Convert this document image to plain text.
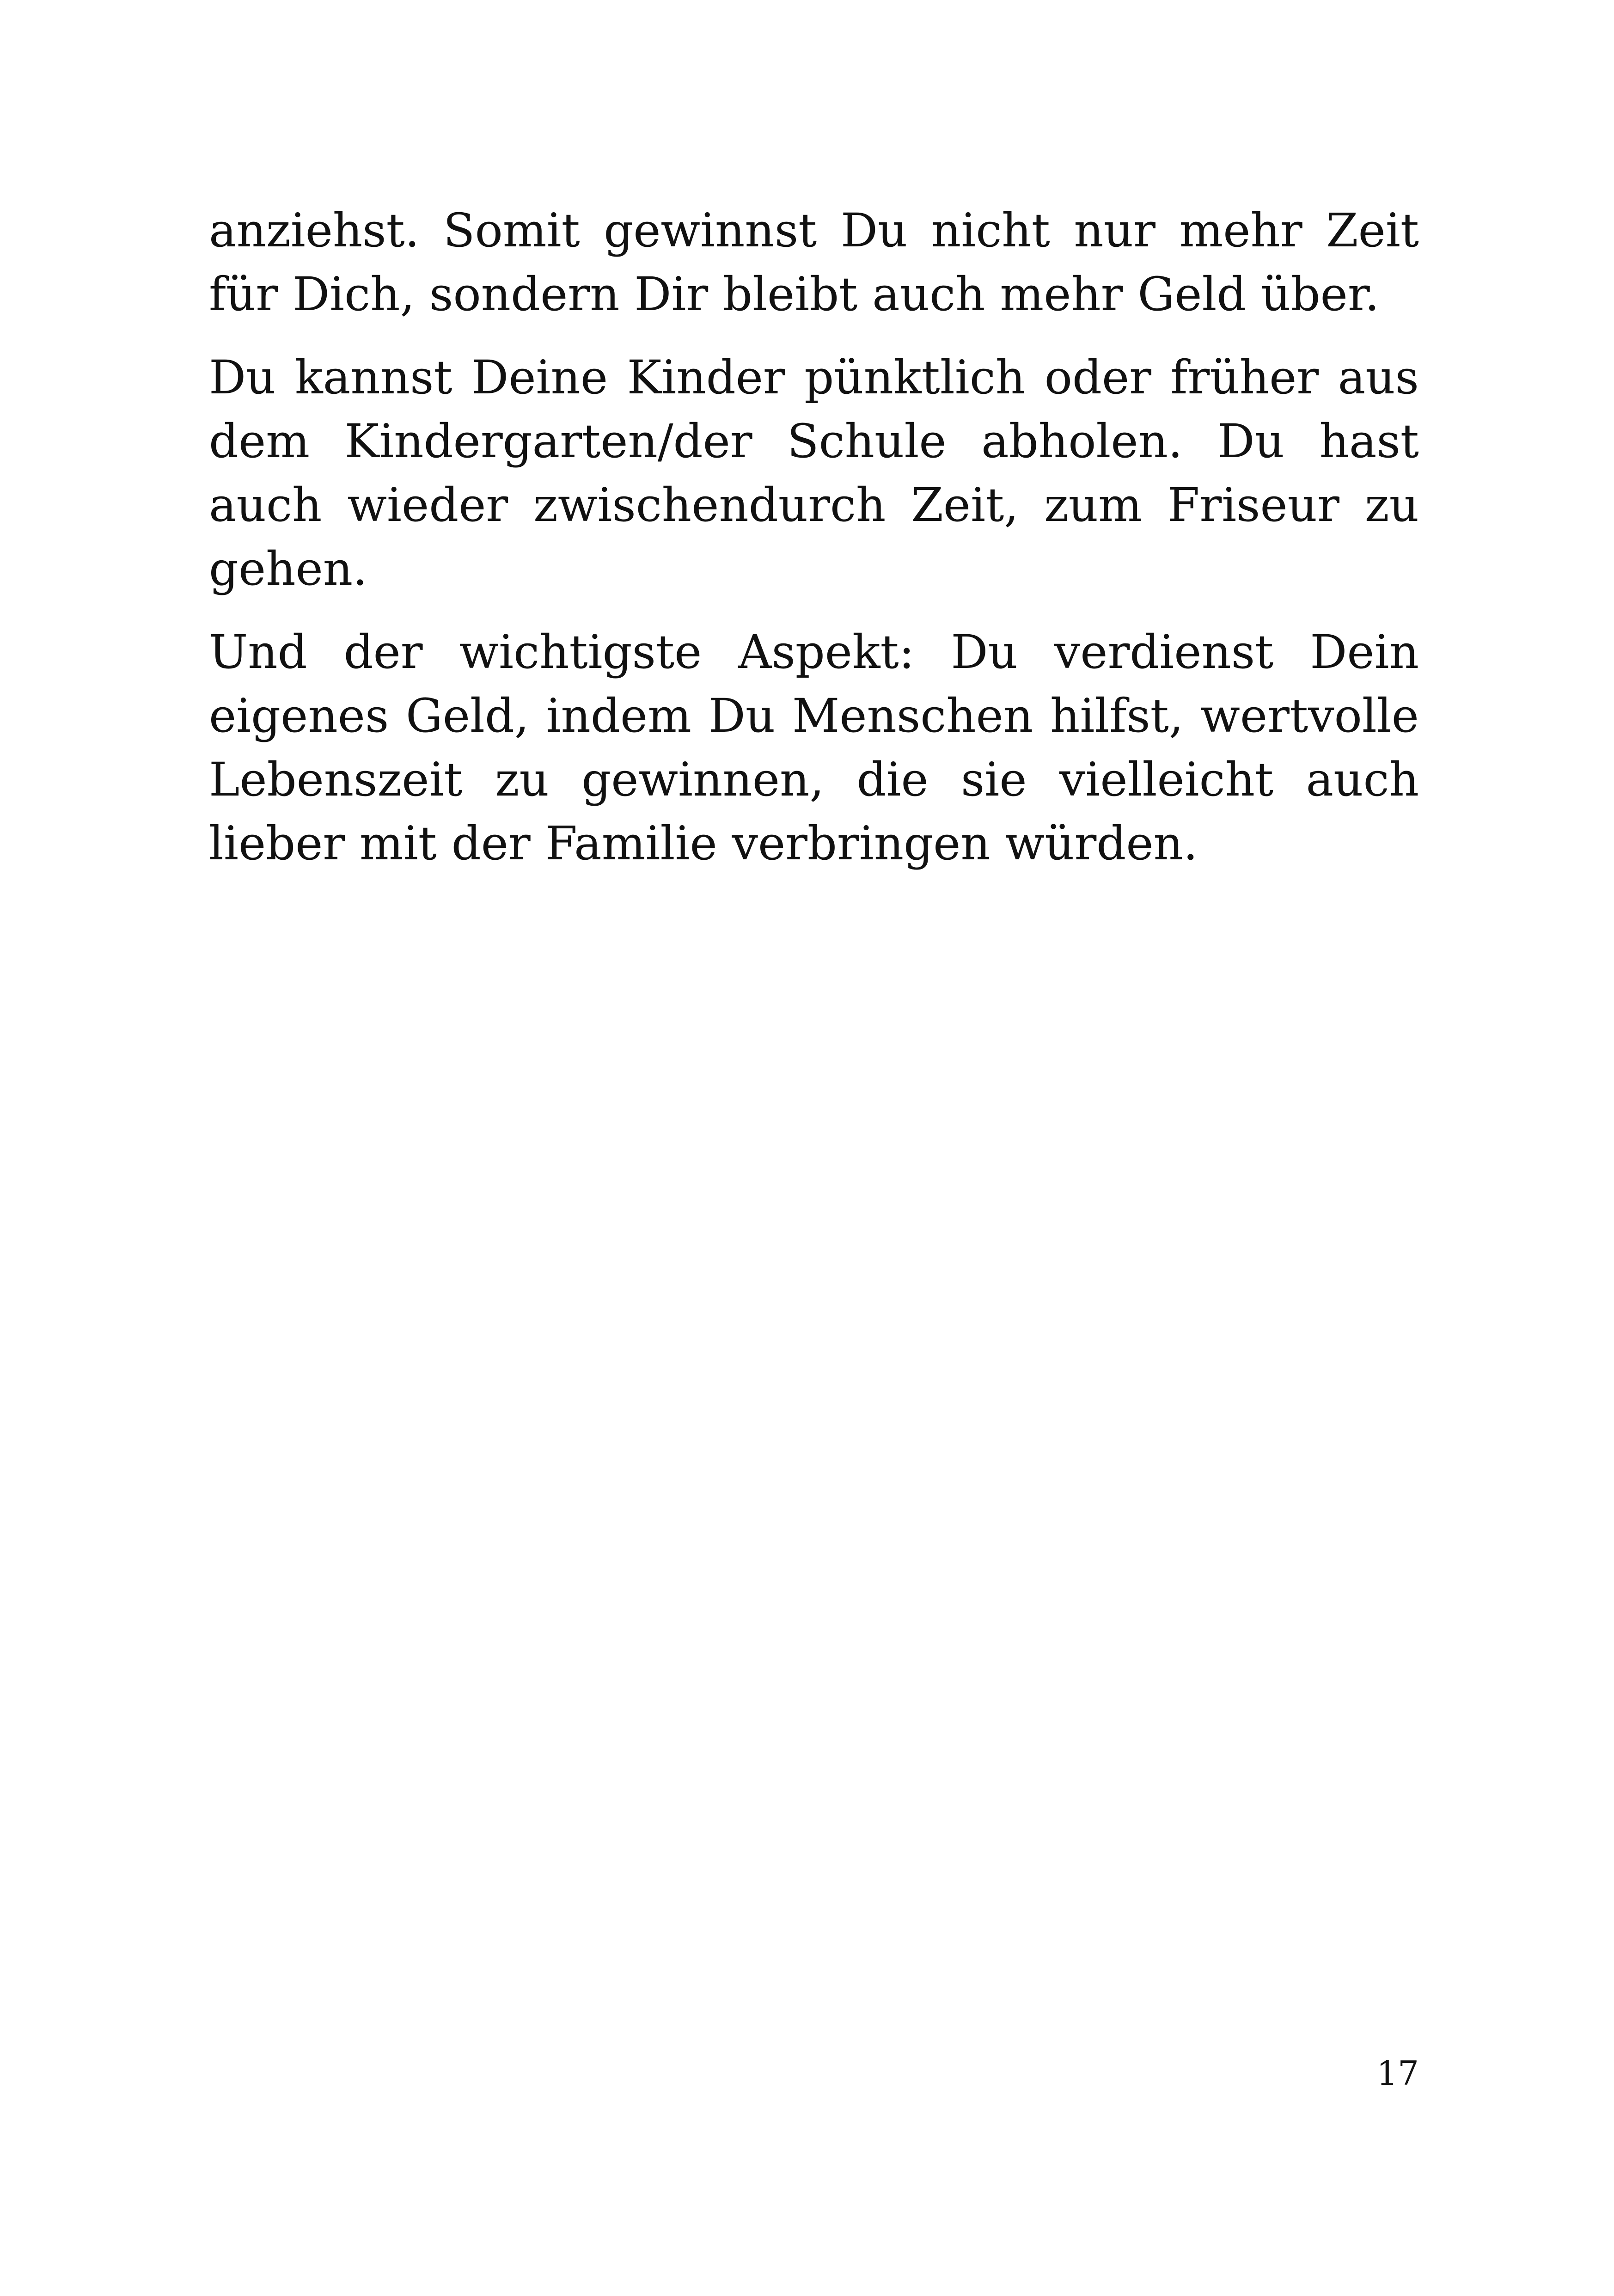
anziehst. Somit gewinnst Du nicht nur mehr Zeit für Dich, sondern Dir bleibt auch mehr Geld über.

Du kannst Deine Kinder pünktlich oder früher aus dem Kindergarten/der Schule abholen. Du hast auch wieder zwischendurch Zeit, zum Friseur zu gehen.

Und der wichtigste Aspekt: Du verdienst Dein eigenes Geld, indem Du Menschen hilfst, wertvolle Lebenszeit zu gewinnen, die sie vielleicht auch lieber mit der Familie verbringen würden.

17
